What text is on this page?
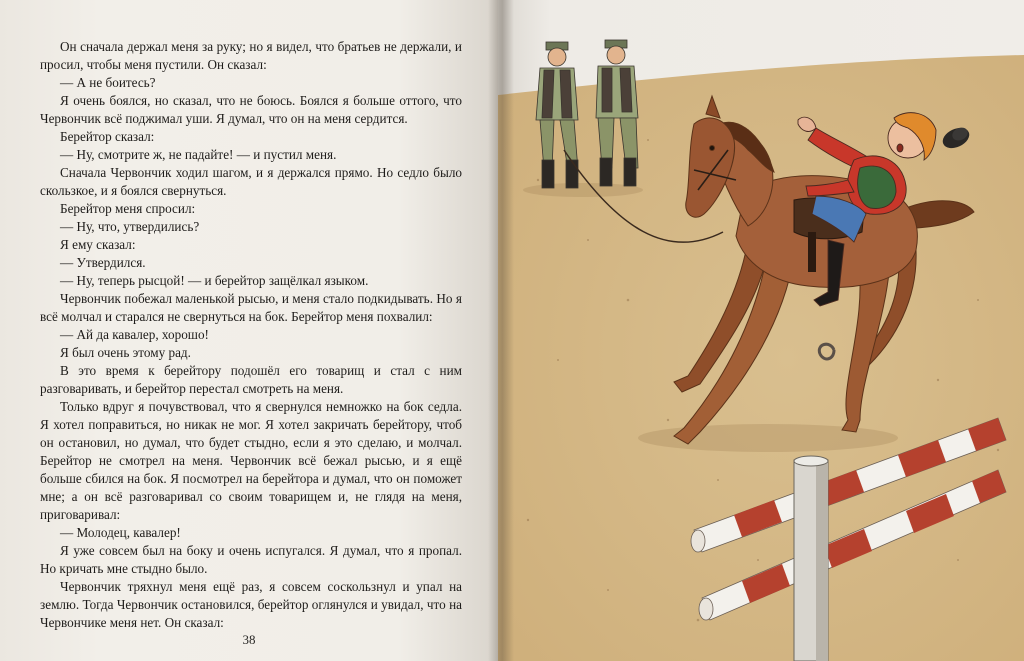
Он сначала держал меня за руку; но я видел, что братьев не держали, и просил, чтобы меня пустили. Он сказал:

— А не боитесь?

Я очень боялся, но сказал, что не боюсь. Боялся я больше оттого, что Червончик всё поджимал уши. Я думал, что он на меня сердится.

Берейтор сказал:

— Ну, смотрите ж, не падайте! — и пустил меня.

Сначала Червончик ходил шагом, и я держался прямо. Но седло было скользкое, и я боялся свернуться.

Берейтор меня спросил:

— Ну, что, утвердились?

Я ему сказал:

— Утвердился.

— Ну, теперь рысцой! — и берейтор защёлкал языком.

Червончик побежал маленькой рысью, и меня стало подкидывать. Но я всё молчал и старался не свернуться на бок. Берейтор меня похвалил:

— Ай да кавалер, хорошо!

Я был очень этому рад.

В это время к берейтору подошёл его товарищ и стал с ним разговаривать, и берейтор перестал смотреть на меня.

Только вдруг я почувствовал, что я свернулся немножко на бок седла. Я хотел поправиться, но никак не мог. Я хотел закричать берейтору, чтоб он остановил, но думал, что будет стыдно, если я это сделаю, и молчал. Берейтор не смотрел на меня. Червончик всё бежал рысью, и я ещё больше сбился на бок. Я посмотрел на берейтора и думал, что он поможет мне; а он всё разговаривал со своим товарищем и, не глядя на меня, приговаривал:

— Молодец, кавалер!

Я уже совсем был на боку и очень испугался. Я думал, что я пропал. Но кричать мне стыдно было.

Червончик тряхнул меня ещё раз, я совсем соскользнул и упал на землю. Тогда Червончик остановился, берейтор оглянулся и увидал, что на Червончике меня нет. Он сказал:

38
